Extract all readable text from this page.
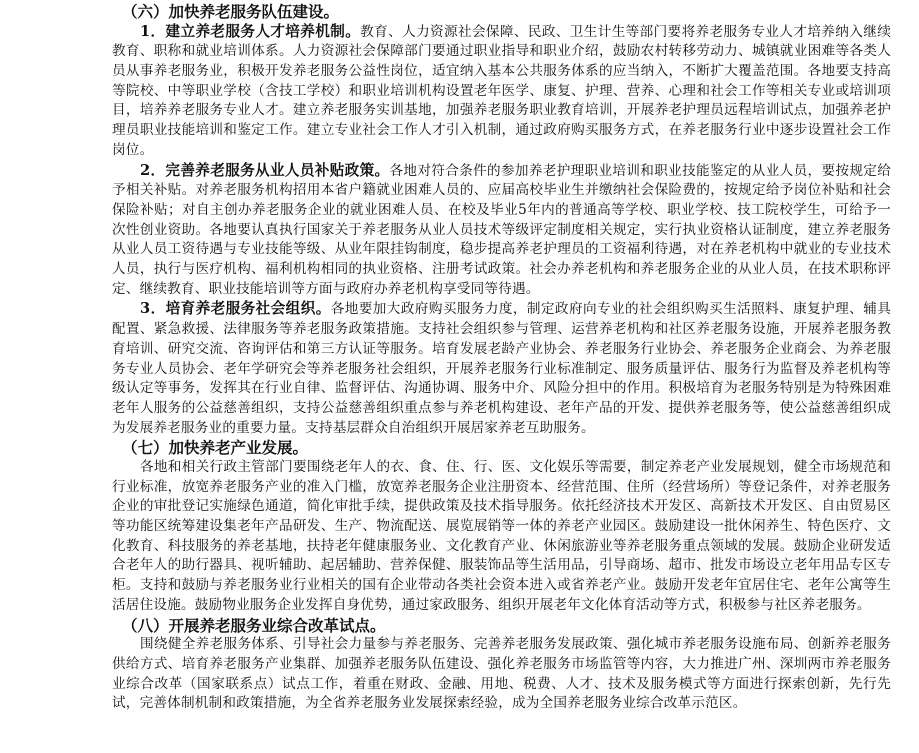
（六）加快养老服务队伍建设。

1．建立养老服务人才培养机制。教育、人力资源社会保障、民政、卫生计生等部门要将养老服务专业人才培养纳入继续教育、职称和就业培训体系。人力资源社会保障部门要通过职业指导和职业介绍，鼓励农村转移劳动力、城镇就业困难等各类人员从事养老服务业，积极开发养老服务公益性岗位，适宜纳入基本公共服务体系的应当纳入，不断扩大覆盖范围。各地要支持高等院校、中等职业学校（含技工学校）和职业培训机构设置老年医学、康复、护理、营养、心理和社会工作等相关专业或培训项目，培养养老服务专业人才。建立养老服务实训基地，加强养老服务职业教育培训，开展养老护理员远程培训试点，加强养老护理员职业技能培训和鉴定工作。建立专业社会工作人才引入机制，通过政府购买服务方式，在养老服务行业中逐步设置社会工作岗位。

2．完善养老服务从业人员补贴政策。各地对符合条件的参加养老护理职业培训和职业技能鉴定的从业人员，要按规定给予相关补贴。对养老服务机构招用本省户籍就业困难人员的、应届高校毕业生并缴纳社会保险费的，按规定给予岗位补贴和社会保险补贴；对自主创办养老服务企业的就业困难人员、在校及毕业5年内的普通高等学校、职业学校、技工院校学生，可给予一次性创业资助。各地要认真执行国家关于养老服务从业人员技术等级评定制度相关规定，实行执业资格认证制度，建立养老服务从业人员工资待遇与专业技能等级、从业年限挂钩制度，稳步提高养老护理员的工资福利待遇，对在养老机构中就业的专业技术人员，执行与医疗机构、福利机构相同的执业资格、注册考试政策。社会办养老机构和养老服务企业的从业人员，在技术职称评定、继续教育、职业技能培训等方面与政府办养老机构享受同等待遇。

3．培育养老服务社会组织。各地要加大政府购买服务力度，制定政府向专业的社会组织购买生活照料、康复护理、辅具配置、紧急救援、法律服务等养老服务政策措施。支持社会组织参与管理、运营养老机构和社区养老服务设施，开展养老服务教育培训、研究交流、咨询评估和第三方认证等服务。培育发展老龄产业协会、养老服务行业协会、养老服务企业商会、为养老服务专业人员协会、老年学研究会等养老服务社会组织，开展养老服务行业标准制定、服务质量评估、服务行为监督及养老机构等级认定等事务，发挥其在行业自律、监督评估、沟通协调、服务中介、风险分担中的作用。积极培育为老服务特别是为特殊困难老年人服务的公益慈善组织，支持公益慈善组织重点参与养老机构建设、老年产品的开发、提供养老服务等，使公益慈善组织成为发展养老服务业的重要力量。支持基层群众自治组织开展居家养老互助服务。

（七）加快养老产业发展。

各地和相关行政主管部门要围绕老年人的衣、食、住、行、医、文化娱乐等需要，制定养老产业发展规划，健全市场规范和行业标准，放宽养老服务产业的准入门槛，放宽养老服务企业注册资本、经营范围、住所（经营场所）等登记条件，对养老服务企业的审批登记实施绿色通道，简化审批手续，提供政策及技术指导服务。依托经济技术开发区、高新技术开发区、自由贸易区等功能区统筹建设集老年产品研发、生产、物流配送、展览展销等一体的养老产业园区。鼓励建设一批休闲养生、特色医疗、文化教育、科技服务的养老基地，扶持老年健康服务业、文化教育产业、休闲旅游业等养老服务重点领域的发展。鼓励企业研发适合老年人的助行器具、视听辅助、起居辅助、营养保健、服装饰品等生活用品，引导商场、超市、批发市场设立老年用品专区专柜。支持和鼓励与养老服务业行业相关的国有企业带动各类社会资本进入或省养老产业。鼓励开发老年宜居住宅、老年公寓等生活居住设施。鼓励物业服务企业发挥自身优势，通过家政服务、组织开展老年文化体育活动等方式，积极参与社区养老服务。

（八）开展养老服务业综合改革试点。

围绕健全养老服务体系、引导社会力量参与养老服务、完善养老服务发展政策、强化城市养老服务设施布局、创新养老服务供给方式、培育养老服务产业集群、加强养老服务队伍建设、强化养老服务市场监管等内容，大力推进广州、深圳两市养老服务业综合改革（国家联系点）试点工作，着重在财政、金融、用地、税费、人才、技术及服务模式等方面进行探索创新，先行先试，完善体制机制和政策措施，为全省养老服务业发展探索经验，成为全国养老服务业综合改革示范区。
